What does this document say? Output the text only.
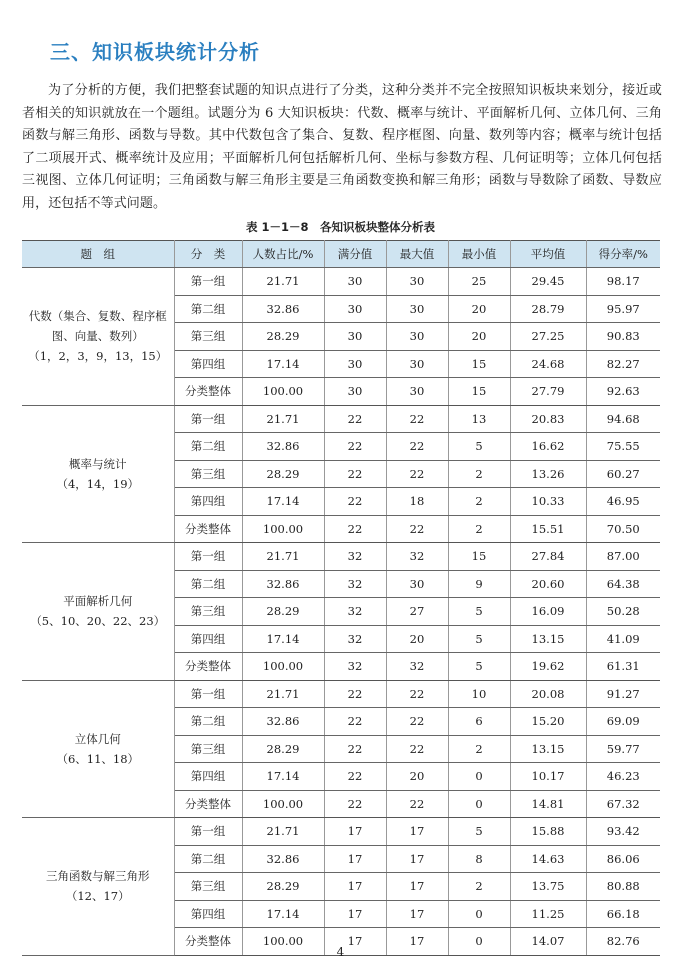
三、知识板块统计分析
为了分析的方便，我们把整套试题的知识点进行了分类，这种分类并不完全按照知识板块来划分，接近或者相关的知识就放在一个题组。试题分为 6 大知识板块：代数、概率与统计、平面解析几何、立体几何、三角函数与解三角形、函数与导数。其中代数包含了集合、复数、程序框图、向量、数列等内容；概率与统计包括了二项展开式、概率统计及应用；平面解析几何包括解析几何、坐标与参数方程、几何证明等；立体几何包括三视图、立体几何证明；三角函数与解三角形主要是三角函数变换和解三角形；函数与导数除了函数、导数应用，还包括不等式问题。
表 1－1－8　各知识板块整体分析表
题　组	分　类	人数占比/%	满分值	最大值	最小值	平均值	得分率/%

代数（集合、复数、程序框图、向量、数列）
（1，2，3，9，13，15）	第一组	21.71	30	30	25	29.45	98.17
	第二组	32.86	30	30	20	28.79	95.97
	第三组	28.29	30	30	20	27.25	90.83
	第四组	17.14	30	30	15	24.68	82.27
	分类整体	100.00	30	30	15	27.79	92.63

概率与统计
（4，14，19）	第一组	21.71	22	22	13	20.83	94.68
	第二组	32.86	22	22	5	16.62	75.55
	第三组	28.29	22	22	2	13.26	60.27
	第四组	17.14	22	18	2	10.33	46.95
	分类整体	100.00	22	22	2	15.51	70.50

平面解析几何
（5、10、20、22、23）	第一组	21.71	32	32	15	27.84	87.00
	第二组	32.86	32	30	9	20.60	64.38
	第三组	28.29	32	27	5	16.09	50.28
	第四组	17.14	32	20	5	13.15	41.09
	分类整体	100.00	32	32	5	19.62	61.31

立体几何
（6、11、18）	第一组	21.71	22	22	10	20.08	91.27
	第二组	32.86	22	22	6	15.20	69.09
	第三组	28.29	22	22	2	13.15	59.77
	第四组	17.14	22	20	0	10.17	46.23
	分类整体	100.00	22	22	0	14.81	67.32

三角函数与解三角形
（12、17）	第一组	21.71	17	17	5	15.88	93.42
	第二组	32.86	17	17	8	14.63	86.06
	第三组	28.29	17	17	2	13.75	80.88
	第四组	17.14	17	17	0	11.25	66.18
	分类整体	100.00	17	17	0	14.07	82.76
4
